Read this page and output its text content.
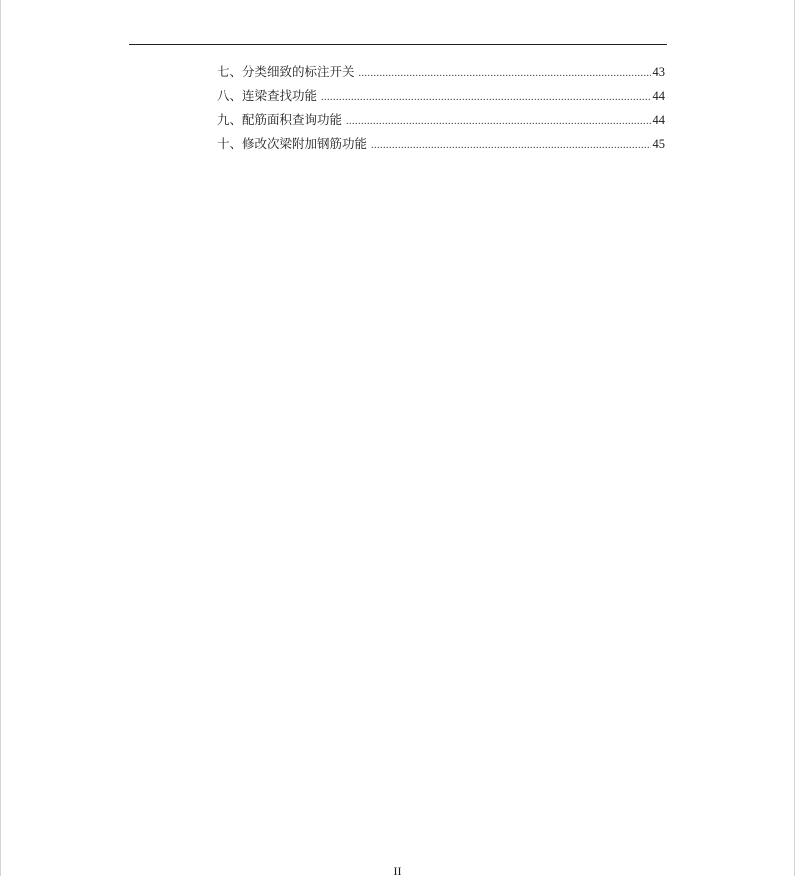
七、 分类细致的标注开关 .....	43
八、 连梁查找功能 .....	44
九、 配筋面积查询功能 .....	44
十、 修改次梁附加钢筋功能 .....	45
II
